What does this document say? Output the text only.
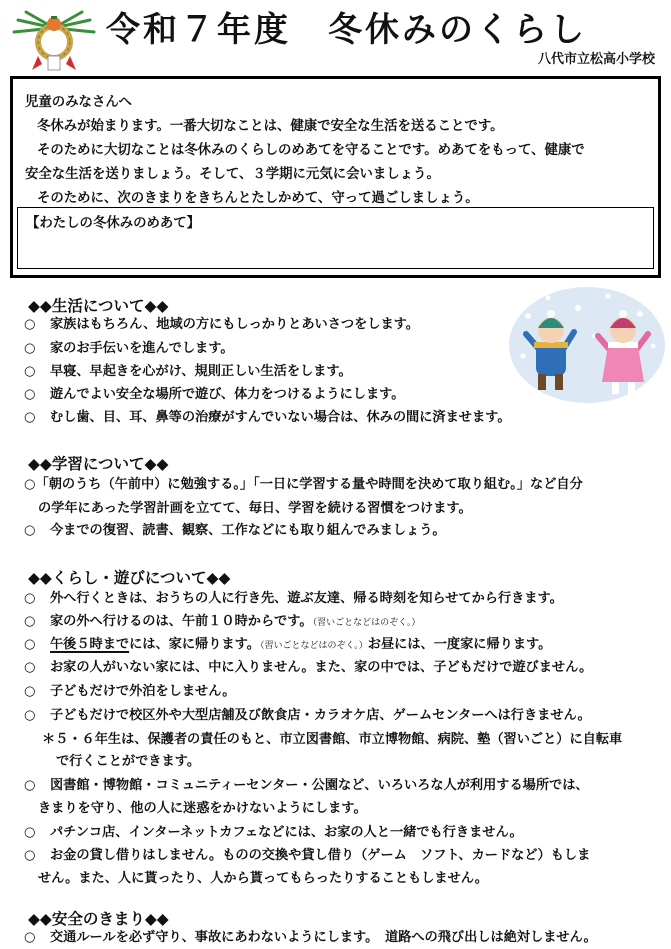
令和７年度　冬休みのくらし
八代市立松高小学校
児童のみなさんへ
冬休みが始まります。一番大切なことは、健康で安全な生活を送ることです。
そのために大切なことは冬休みのくらしのめあてを守ることです。めあてをもって、健康で
安全な生活を送りましょう。そして、３学期に元気に会いましょう。
そのために、次のきまりをきちんとたしかめて、守って過ごしましょう。
【わたしの冬休みのめあて】
◆◆生活について◆◆
○ 家族はもちろん、地域の方にもしっかりとあいさつをします。
○ 家のお手伝いを進んでします。
○ 早寝、早起きを心がけ、規則正しい生活をします。
○ 遊んでよい安全な場所で遊び、体力をつけるようにします。
○ むし歯、目、耳、鼻等の治療がすんでいない場合は、休みの間に済ませます。
◆◆学習について◆◆
○「朝のうち（午前中）に勉強する。」「一日に学習する量や時間を決めて取り組む。」など自分
の学年にあった学習計画を立てて、毎日、学習を続ける習慣をつけます。
○ 今までの復習、読書、観察、工作などにも取り組んでみましょう。
◆◆くらし・遊びについて◆◆
○ 外へ行くときは、おうちの人に行き先、遊ぶ友達、帰る時刻を知らせてから行きます。
○ 家の外へ行けるのは、午前１０時からです。（習いごとなどはのぞく。）
○ 午後５時までには、家に帰ります。（習いごとなどはのぞく。）お昼には、一度家に帰ります。
○ お家の人がいない家には、中に入りません。また、家の中では、子どもだけで遊びません。
○ 子どもだけで外泊をしません。
○ 子どもだけで校区外や大型店舗及び飲食店・カラオケ店、ゲームセンターへは行きません。
＊５・６年生は、保護者の責任のもと、市立図書館、市立博物館、病院、塾（習いごと）に自転車
で行くことができます。
○ 図書館・博物館・コミュニティーセンター・公園など、いろいろな人が利用する場所では、
きまりを守り、他の人に迷惑をかけないようにします。
○ パチンコ店、インターネットカフェなどには、お家の人と一緒でも行きません。
○ お金の貸し借りはしません。ものの交換や貸し借り（ゲーム　ソフト、カードなど）もしま
せん。また、人に貰ったり、人から貰ってもらったりすることもしません。
◆◆安全のきまり◆◆
○ 交通ルールを必ず守り、事故にあわないようにします。　道路への飛び出しは絶対しません。
